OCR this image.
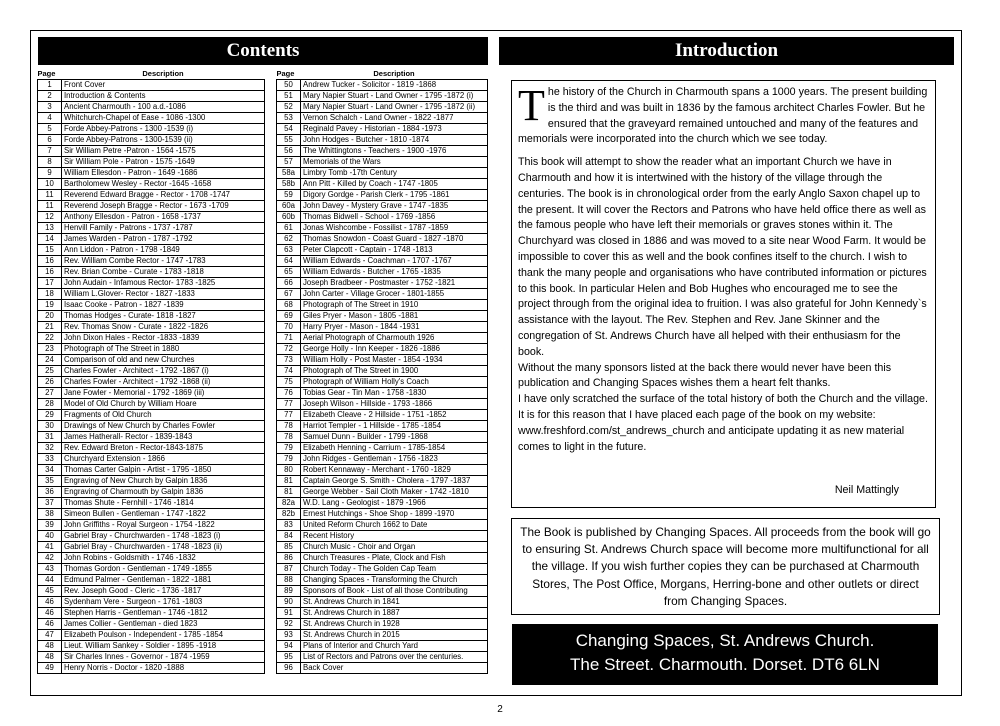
Contents	Introduction
Page	Description
1	Front Cover
2	Introduction & Contents
3	Ancient Charmouth - 100 a.d.-1086
4	Whitchurch-Chapel of Ease - 1086 -1300
5	Forde Abbey-Patrons - 1300 -1539 (i)
6	Forde Abbey-Patrons - 1300-1539 (ii)
7	Sir William Petre -Patron - 1564 -1575
8	Sir William Pole - Patron - 1575 -1649
9	William Ellesdon - Patron - 1649 -1686
10	Bartholomew Wesley - Rector -1645 -1658
11	Reverend Edward Bragge - Rector - 1708 -1747
11	Reverend Joseph Bragge - Rector - 1673 -1709
12	Anthony Ellesdon - Patron - 1658 -1737
13	Henvill Family - Patrons - 1737 -1787
14	James Warden - Patron - 1787 -1792
15	Ann Liddon - Patron - 1798 -1849
16	Rev. William Combe Rector - 1747 -1783
16	Rev. Brian Combe - Curate - 1783 -1818
17	John Audain - Infamous Rector- 1783 -1825
18	William L.Glover- Rector - 1827 -1833
19	Isaac Cooke - Patron - 1827 -1839
20	Thomas Hodges - Curate- 1818 -1827
21	Rev. Thomas Snow - Curate - 1822 -1826
22	John Dixon Hales - Rector -1833 -1839
23	Photograph of The Street in 1880
24	Comparison of old and new Churches
25	Charles Fowler - Architect - 1792 -1867 (i)
26	Charles Fowler - Architect - 1792 -1868 (ii)
27	Jane Fowler - Memorial - 1792 -1869 (iii)
28	Model of Old Church by William Hoare
29	Fragments of Old Church
30	Drawings of New Church by Charles Fowler
31	James Hatherall- Rector - 1839-1843
32	Rev. Edward Breton - Rector-1843-1875
33	Churchyard Extension - 1866
34	Thomas Carter Galpin - Artist - 1795 -1850
35	Engraving of New Church by Galpin 1836
36	Engraving of Charmouth by Galpin 1836
37	Thomas Shute - Fernhill - 1746 -1814
38	Simeon Bullen - Gentleman - 1747 -1822
39	John Griffiths - Royal Surgeon - 1754 -1822
40	Gabriel Bray - Churchwarden - 1748 -1823 (i)
41	Gabriel Bray - Churchwarden - 1748 -1823 (ii)
42	John Robins - Goldsmith - 1746 -1832
43	Thomas Gordon - Gentleman - 1749 -1855
44	Edmund Palmer - Gentleman - 1822 -1881
45	Rev. Joseph Good - Cleric - 1736 -1817
46	Sydenham Vere - Surgeon - 1761 -1803
46	Stephen Harris - Gentleman - 1746 -1812
46	James Collier - Gentleman - died 1823
47	Elizabeth Poulson - Independent - 1785 -1854
48	Lieut. William Sankey - Soldier - 1895 -1918
48	Sir Charles Innes - Governor - 1874 -1959
49	Henry Norris - Doctor - 1820 -1888
Page	Description
50	Andrew Tucker - Solicitor - 1819 -1868
51	Mary Napier Stuart - Land Owner - 1795 -1872 (i)
52	Mary Napier Stuart - Land Owner - 1795 -1872 (ii)
53	Vernon Schalch - Land Owner - 1822 -1877
54	Reginald Pavey - Historian - 1884 -1973
55	John Hodges - Butcher - 1810 -1874
56	The Whittingtons - Teachers - 1900 -1976
57	Memorials of the Wars
58a	Limbry Tomb -17th Century
58b	Ann Pitt - Killed by Coach - 1747 -1805
59	Digory Gordge - Parish Clerk - 1795 -1861
60a	John Davey - Mystery Grave - 1747 -1835
60b	Thomas Bidwell - School - 1769 -1856
61	Jonas Wishcombe - Fossilist - 1787 -1859
62	Thomas Snowdon - Coast Guard - 1827 -1870
63	Peter Clapcott - Captain - 1748 -1813
64	William Edwards - Coachman - 1707 -1767
65	William Edwards - Butcher - 1765 -1835
66	Joseph Bradbeer - Postmaster - 1752 -1821
67	John Carter - Village Grocer - 1801-1855
68	Photograph of The Street in 1910
69	Giles Pryer - Mason - 1805 -1881
70	Harry Pryer - Mason - 1844 -1931
71	Aerial Photograph of Charmouth 1926
72	George Holly - Inn Keeper - 1826 -1886
73	William Holly - Post Master - 1854 -1934
74	Photograph of The Street in 1900
75	Photograph of William Holly's Coach
76	Tobias Gear - Tin Man - 1758 -1830
77	Joseph Wilson - Hillside - 1793 -1866
77	Elizabeth Cleave - 2 Hillside - 1751 -1852
78	Harriot Templer - 1 Hillside - 1785 -1854
78	Samuel Dunn - Builder - 1799 -1868
79	Elizabeth Henning - Carrium - 1785-1854
79	John Ridges - Gentleman - 1756 -1823
80	Robert Kennaway - Merchant - 1760 -1829
81	Captain George S. Smith - Cholera - 1797 -1837
81	George Webber - Sail Cloth Maker - 1742 -1810
82a	W.D. Lang - Geologist - 1879 -1966
82b	Ernest Hutchings - Shoe Shop - 1899 -1970
83	United Reform Church 1662 to Date
84	Recent History
85	Church Music - Choir and Organ
86	Church Treasures - Plate, Clock and Fish
87	Church Today - The Golden Cap Team
88	Changing Spaces - Transforming the Church
89	Sponsors of Book - List of all those Contributing
90	St. Andrews Church in 1841
91	St. Andrews Church in 1887
92	St. Andrews Church in 1928
93	St. Andrews Church in 2015
94	Plans of Interior and Church Yard
95	List of Rectors and Patrons over the centuries.
96	Back Cover

The history of the Church in Charmouth spans a 1000 years. The present building is the third and was built in 1836 by the famous architect Charles Fowler. But he ensured that the graveyard remained untouched and many of the features and memorials were incorporated into the church which we see today.

This book will attempt to show the reader what an important Church we have in Charmouth and how it is intertwined with the history of the village through the centuries. The book is in chronological order from the early Anglo Saxon chapel up to the present. It will cover the Rectors and Patrons who have held office there as well as the famous people who have left their memorials or graves stones within it. The Churchyard was closed in 1886 and was moved to a site near Wood Farm. It would be impossible to cover this as well and the book confines itself to the church. I wish to thank the many people and organisations who have contributed information or pictures to this book. In particular Helen and Bob Hughes who encouraged me to see the project through from the original idea to fruition. I was also grateful for John Kennedy`s assistance with the layout. The Rev. Stephen and Rev. Jane Skinner and the congregation of St. Andrews Church have all helped with their enthusiasm for the book.

Without the many sponsors listed at the back there would never have been this publication and Changing Spaces wishes them a heart felt thanks.

I have only scratched the surface of the total history of both the Church and the village. It is for this reason that I have placed each page of the book on my website: www.freshford.com/st_andrews_church and anticipate updating it as new material comes to light in the future.

Neil Mattingly
The Book is published by Changing Spaces. All proceeds from the book will go to ensuring St. Andrews Church space will become more multifunctional for all the village. If you wish further copies they can be purchased at Charmouth Stores, The Post Office, Morgans, Herring-bone and other outlets or direct from Changing Spaces.
Changing Spaces, St. Andrews Church.
The Street. Charmouth. Dorset. DT6 6LN
2
